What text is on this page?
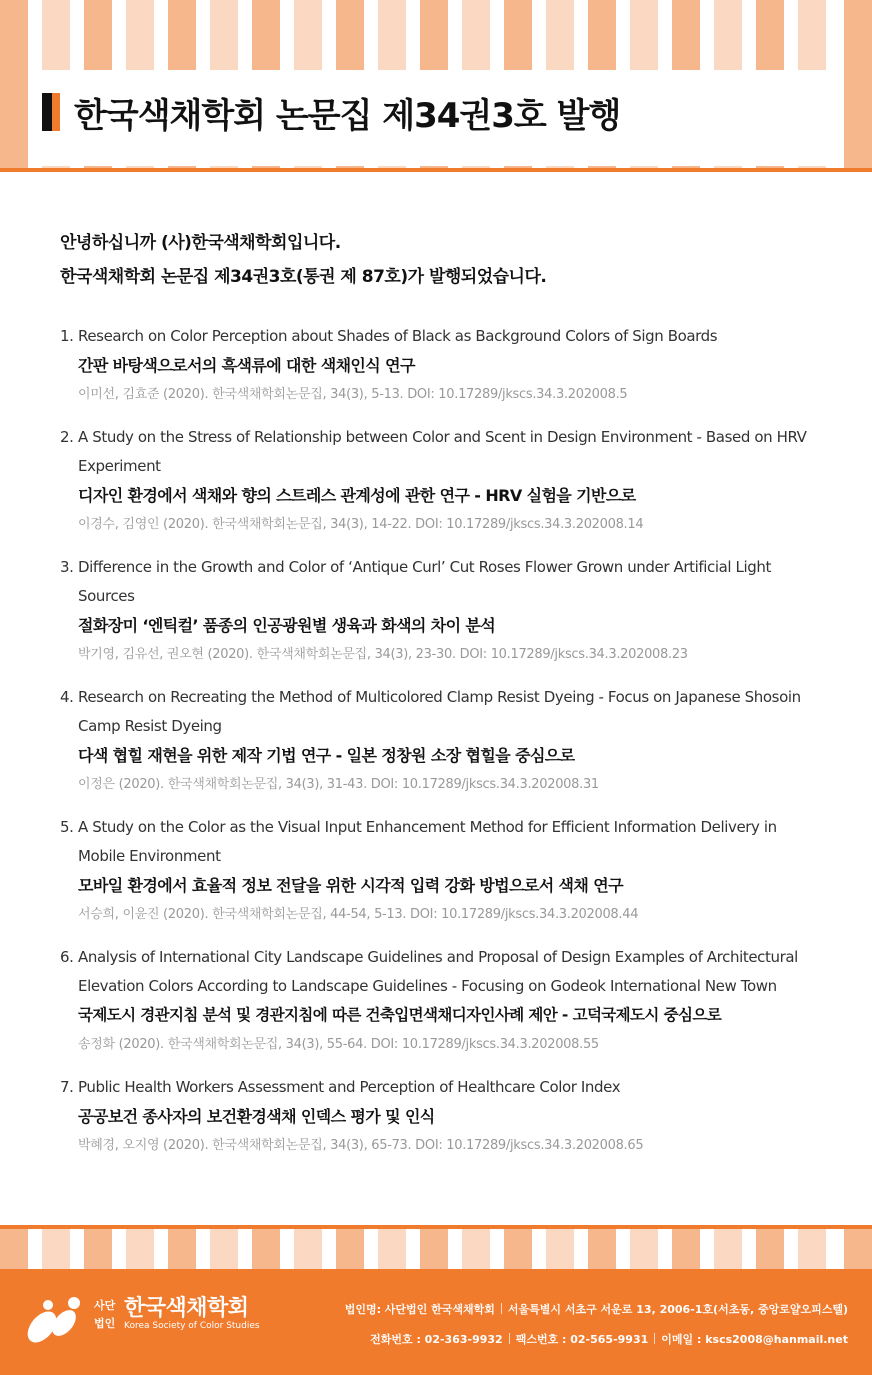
한국색채학회 논문집 제34권3호 발행

안녕하십니까 (사)한국색채학회입니다.

한국색채학회 논문집 제34권3호(통권 제 87호)가 발행되었습니다.

1. Research on Color Perception about Shades of Black as Background Colors of Sign Boards
간판 바탕색으로서의 흑색류에 대한 색채인식 연구
이미선, 김효준 (2020). 한국색채학회논문집, 34(3), 5-13. DOI: 10.17289/jkscs.34.3.202008.5
2. A Study on the Stress of Relationship between Color and Scent in Design Environment - Based on HRV Experiment
디자인 환경에서 색채와 향의 스트레스 관계성에 관한 연구 - HRV 실험을 기반으로
이경수, 김영인 (2020). 한국색채학회논문집, 34(3), 14-22. DOI: 10.17289/jkscs.34.3.202008.14
3. Difference in the Growth and Color of ‘Antique Curl’ Cut Roses Flower Grown under Artificial Light Sources
절화장미 ‘엔틱컬’ 품종의 인공광원별 생육과 화색의 차이 분석
박기영, 김유선, 권오현 (2020). 한국색채학회논문집, 34(3), 23-30. DOI: 10.17289/jkscs.34.3.202008.23
4. Research on Recreating the Method of Multicolored Clamp Resist Dyeing - Focus on Japanese Shosoin Camp Resist Dyeing
다색 협힐 재현을 위한 제작 기법 연구 - 일본 정창원 소장 협힐을 중심으로
이정은 (2020). 한국색채학회논문집, 34(3), 31-43. DOI: 10.17289/jkscs.34.3.202008.31
5. A Study on the Color as the Visual Input Enhancement Method for Efficient Information Delivery in Mobile Environment
모바일 환경에서 효율적 정보 전달을 위한 시각적 입력 강화 방법으로서 색채 연구
서승희, 이윤진 (2020). 한국색채학회논문집, 44-54, 5-13. DOI: 10.17289/jkscs.34.3.202008.44
6. Analysis of International City Landscape Guidelines and Proposal of Design Examples of Architectural Elevation Colors According to Landscape Guidelines - Focusing on Godeok International New Town
국제도시 경관지침 분석 및 경관지침에 따른 건축입면색채디자인사례 제안 - 고덕국제도시 중심으로
송정화 (2020). 한국색채학회논문집, 34(3), 55-64. DOI: 10.17289/jkscs.34.3.202008.55
7. Public Health Workers Assessment and Perception of Healthcare Color Index
공공보건 종사자의 보건환경색채 인덱스 평가 및 인식
박혜경, 오지영 (2020). 한국색채학회논문집, 34(3), 65-73. DOI: 10.17289/jkscs.34.3.202008.65
사단
법인
한국색채학회
Korea Society of Color Studies
법인명: 사단법인 한국색채학회 서울특별시 서초구 서운로 13, 2006-1호(서초동, 중앙로얄오피스텔)
전화번호 : 02-363-9932 팩스번호 : 02-565-9931 이메일 : kscs2008@hanmail.net
